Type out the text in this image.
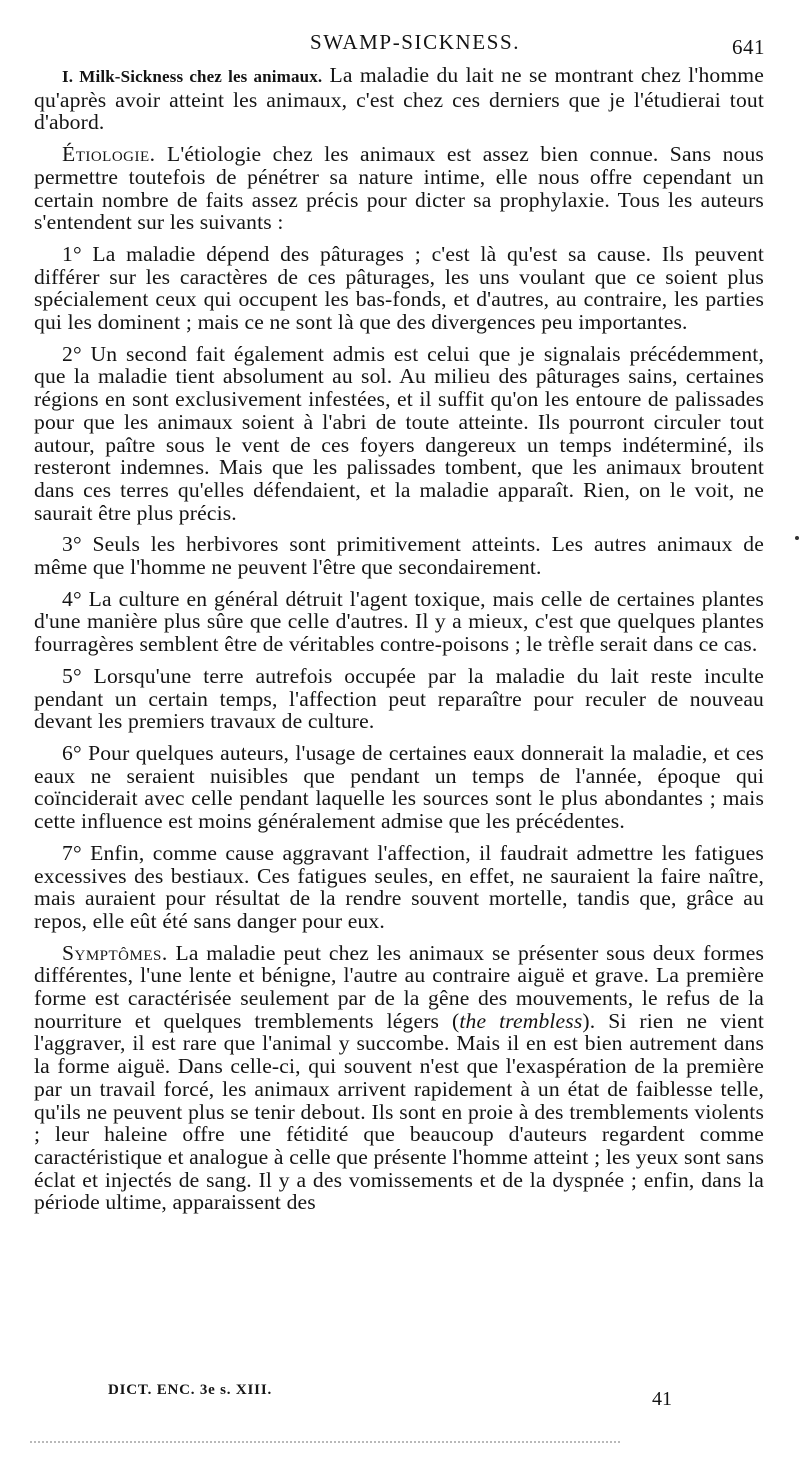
SWAMP-SICKNESS.	641

I. Milk-Sickness chez les animaux. La maladie du lait ne se montrant chez l'homme qu'après avoir atteint les animaux, c'est chez ces derniers que je l'étudierai tout d'abord.

Étiologie. L'étiologie chez les animaux est assez bien connue. Sans nous permettre toutefois de pénétrer sa nature intime, elle nous offre cependant un certain nombre de faits assez précis pour dicter sa prophylaxie. Tous les auteurs s'entendent sur les suivants :

1° La maladie dépend des pâturages ; c'est là qu'est sa cause. Ils peuvent différer sur les caractères de ces pâturages, les uns voulant que ce soient plus spécialement ceux qui occupent les bas-fonds, et d'autres, au contraire, les parties qui les dominent ; mais ce ne sont là que des divergences peu importantes.

2° Un second fait également admis est celui que je signalais précédemment, que la maladie tient absolument au sol. Au milieu des pâturages sains, certaines régions en sont exclusivement infestées, et il suffit qu'on les entoure de palissades pour que les animaux soient à l'abri de toute atteinte. Ils pourront circuler tout autour, paître sous le vent de ces foyers dangereux un temps indéterminé, ils resteront indemnes. Mais que les palissades tombent, que les animaux broutent dans ces terres qu'elles défendaient, et la maladie apparaît. Rien, on le voit, ne saurait être plus précis.

3° Seuls les herbivores sont primitivement atteints. Les autres animaux de même que l'homme ne peuvent l'être que secondairement.

4° La culture en général détruit l'agent toxique, mais celle de certaines plantes d'une manière plus sûre que celle d'autres. Il y a mieux, c'est que quelques plantes fourragères semblent être de véritables contre-poisons ; le trèfle serait dans ce cas.

5° Lorsqu'une terre autrefois occupée par la maladie du lait reste inculte pendant un certain temps, l'affection peut reparaître pour reculer de nouveau devant les premiers travaux de culture.

6° Pour quelques auteurs, l'usage de certaines eaux donnerait la maladie, et ces eaux ne seraient nuisibles que pendant un temps de l'année, époque qui coïnciderait avec celle pendant laquelle les sources sont le plus abondantes ; mais cette influence est moins généralement admise que les précédentes.

7° Enfin, comme cause aggravant l'affection, il faudrait admettre les fatigues excessives des bestiaux. Ces fatigues seules, en effet, ne sauraient la faire naître, mais auraient pour résultat de la rendre souvent mortelle, tandis que, grâce au repos, elle eût été sans danger pour eux.

Symptômes. La maladie peut chez les animaux se présenter sous deux formes différentes, l'une lente et bénigne, l'autre au contraire aiguë et grave. La première forme est caractérisée seulement par de la gêne des mouvements, le refus de la nourriture et quelques tremblements légers (the trembless). Si rien ne vient l'aggraver, il est rare que l'animal y succombe. Mais il en est bien autrement dans la forme aiguë. Dans celle-ci, qui souvent n'est que l'exaspération de la première par un travail forcé, les animaux arrivent rapidement à un état de faiblesse telle, qu'ils ne peuvent plus se tenir debout. Ils sont en proie à des tremblements violents ; leur haleine offre une fétidité que beaucoup d'auteurs regardent comme caractéristique et analogue à celle que présente l'homme atteint ; les yeux sont sans éclat et injectés de sang. Il y a des vomissements et de la dyspnée ; enfin, dans la période ultime, apparaissent des

DICT. ENC. 3e s. XIII.	41
